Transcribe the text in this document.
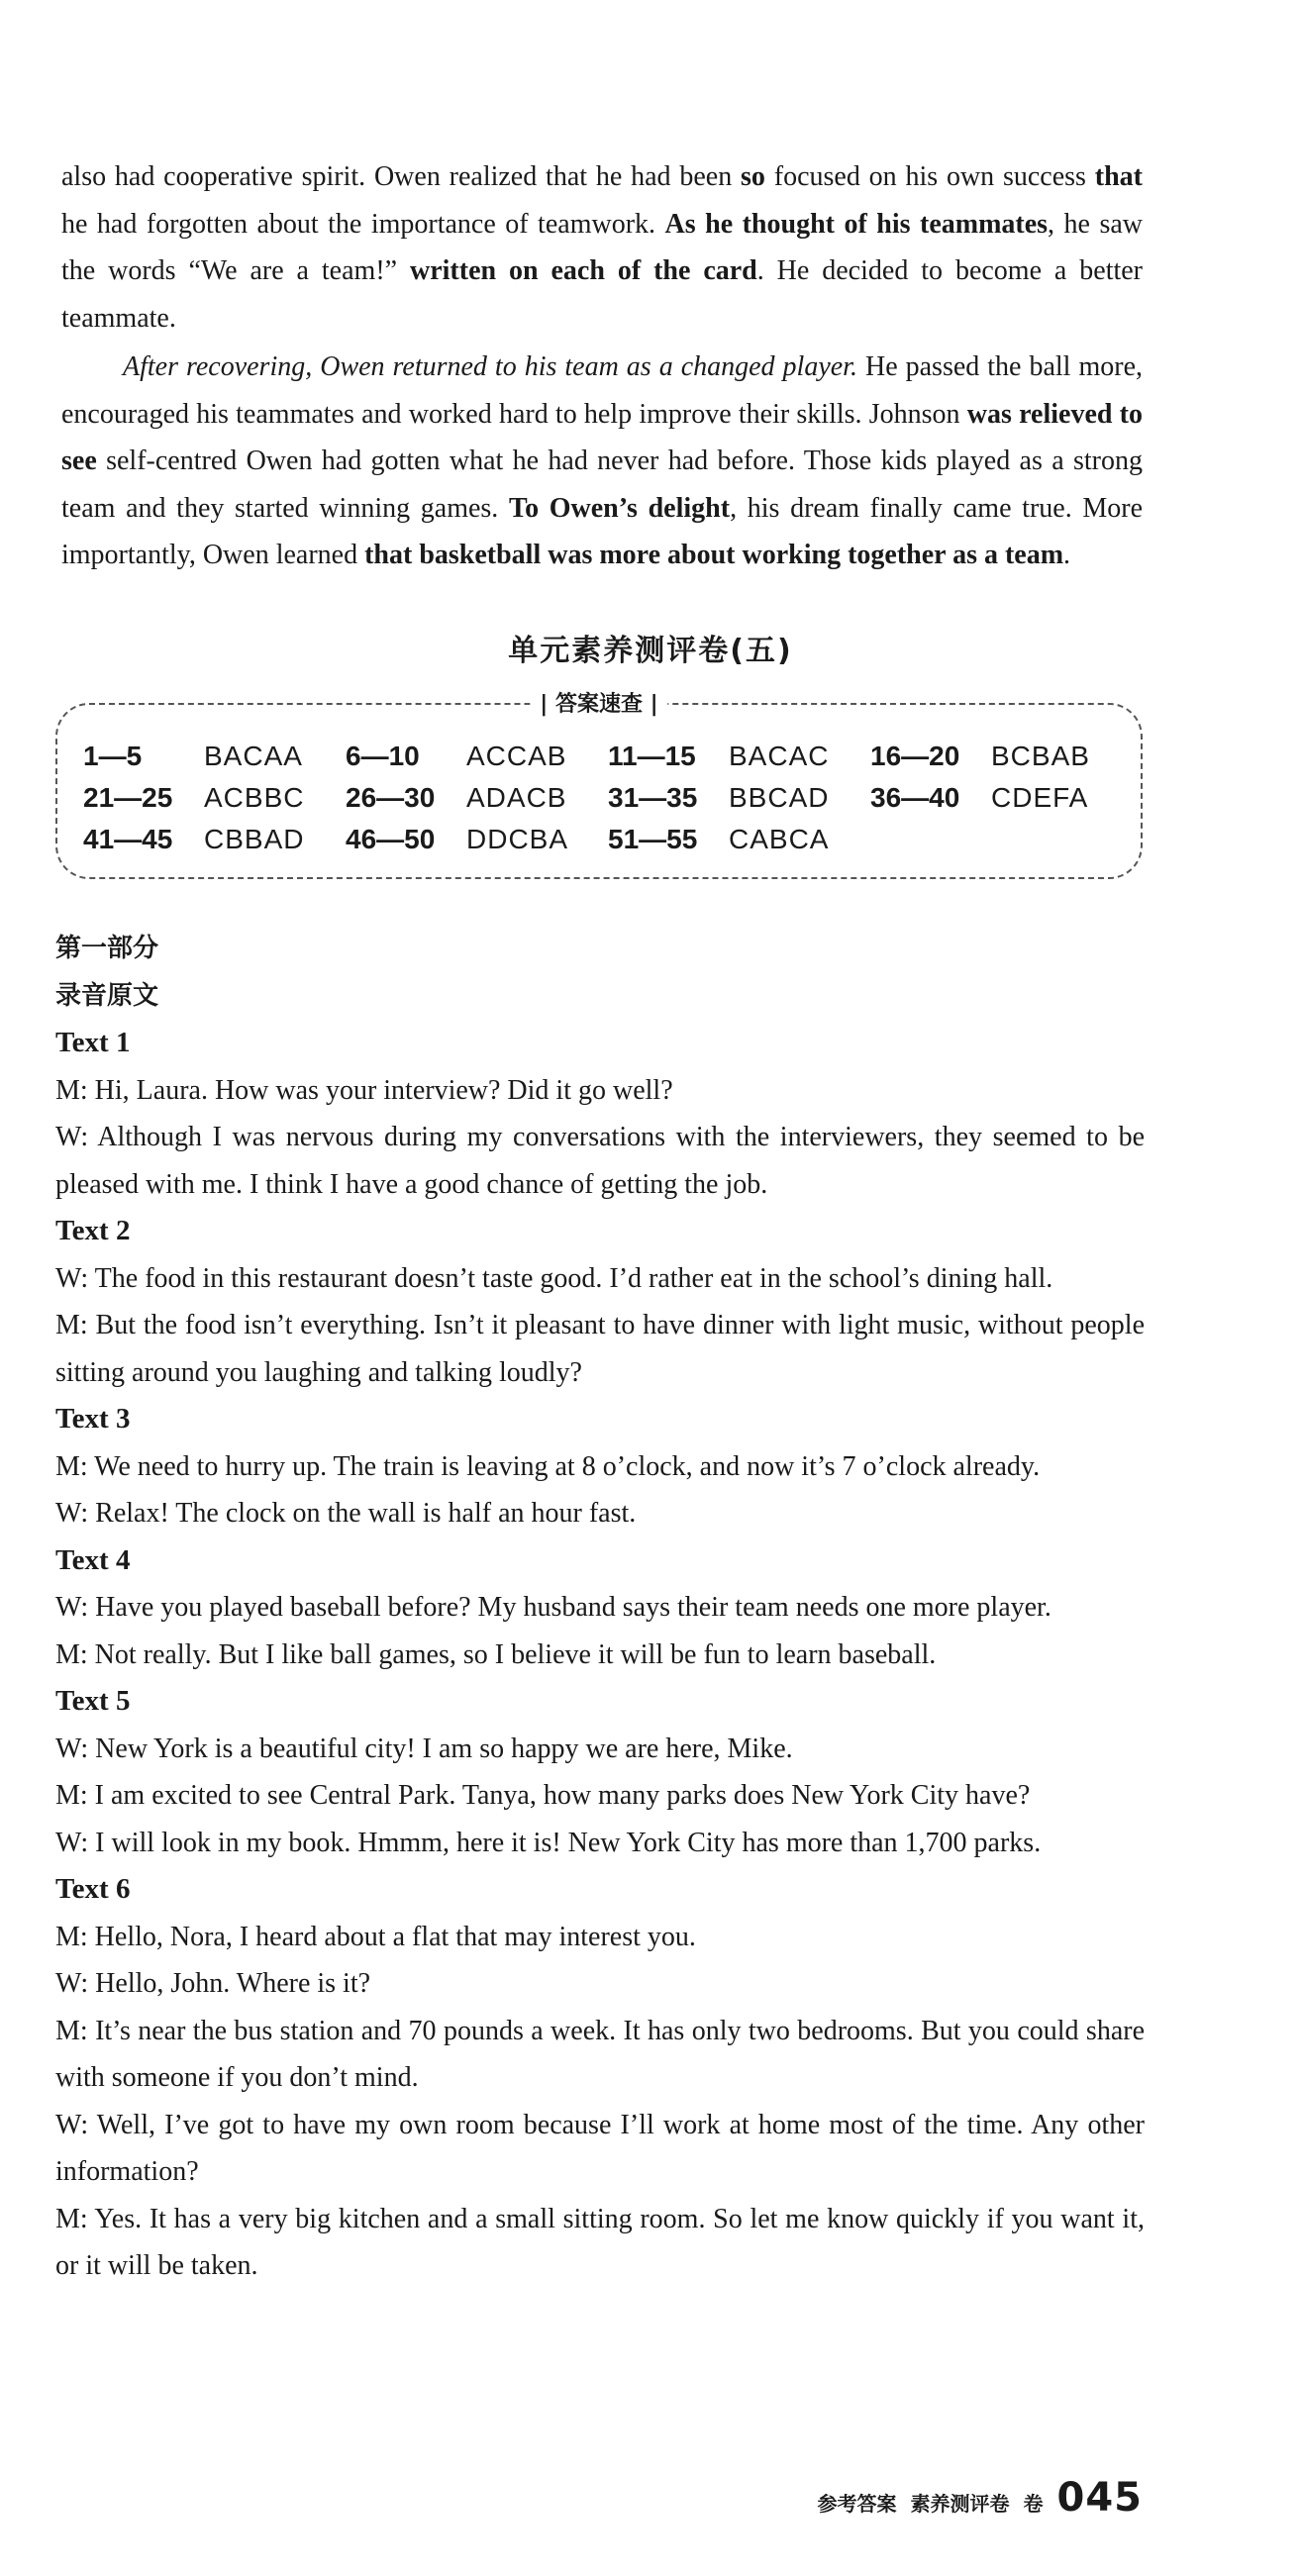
also had cooperative spirit. Owen realized that he had been so focused on his own success that he had forgotten about the importance of teamwork. As he thought of his teammates, he saw the words “We are a team!” written on each of the card. He decided to become a better teammate.
After recovering, Owen returned to his team as a changed player. He passed the ball more, encouraged his teammates and worked hard to help improve their skills. Johnson was relieved to see self-centred Owen had gotten what he had never had before. Those kids played as a strong team and they started winning games. To Owen’s delight, his dream finally came true. More importantly, Owen learned that basketball was more about working together as a team.
单元素养测评卷(五)
| 答案速查 |
1—5	BACAA 6—10	ACCAB 11—15	BACAC 16—20	BCBAB
21—25	ACBBC 26—30	ADACB 31—35	BBCAD 36—40	CDEFA
41—45	CBBAD 46—50	DDCBA 51—55	CABCA
第一部分
录音原文
Text 1
M: Hi, Laura. How was your interview? Did it go well?
W: Although I was nervous during my conversations with the interviewers, they seemed to be pleased with me. I think I have a good chance of getting the job.
Text 2
W: The food in this restaurant doesn’t taste good. I’d rather eat in the school’s dining hall.
M: But the food isn’t everything. Isn’t it pleasant to have dinner with light music, without people sitting around you laughing and talking loudly?
Text 3
M: We need to hurry up. The train is leaving at 8 o’clock, and now it’s 7 o’clock already.
W: Relax! The clock on the wall is half an hour fast.
Text 4
W: Have you played baseball before? My husband says their team needs one more player.
M: Not really. But I like ball games, so I believe it will be fun to learn baseball.
Text 5
W: New York is a beautiful city! I am so happy we are here, Mike.
M: I am excited to see Central Park. Tanya, how many parks does New York City have?
W: I will look in my book. Hmmm, here it is! New York City has more than 1,700 parks.
Text 6
M: Hello, Nora, I heard about a flat that may interest you.
W: Hello, John. Where is it?
M: It’s near the bus station and 70 pounds a week. It has only two bedrooms. But you could share with someone if you don’t mind.
W: Well, I’ve got to have my own room because I’ll work at home most of the time. Any other information?
M: Yes. It has a very big kitchen and a small sitting room. So let me know quickly if you want it, or it will be taken.
参考答案 素养测评卷 卷 045
